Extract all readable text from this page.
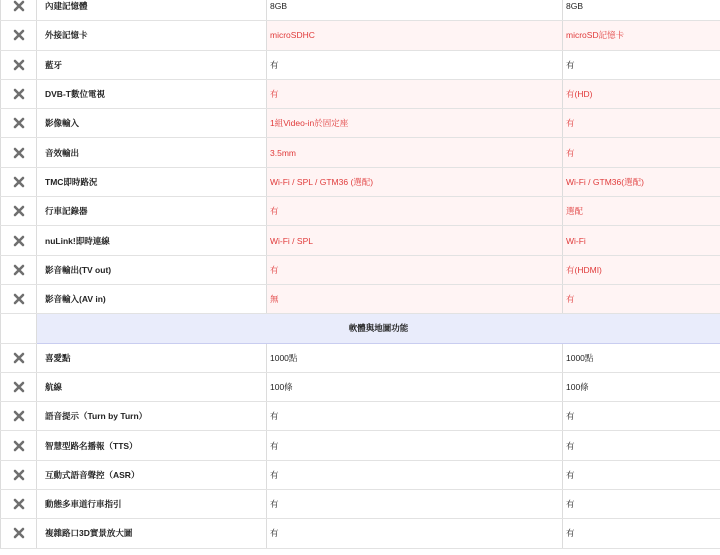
	內建記憶體	8GB	8GB

	外接記憶卡	microSDHC	microSD記憶卡

	藍牙	有	有

	DVB-T數位電視	有	有(HD)

	影像輸入	1組Video-in於固定座	有

	音效輸出	3.5mm	有

	TMC即時路況	Wi-Fi / SPL / GTM36 (選配)	Wi-Fi / GTM36(選配)

	行車記錄器	有	選配

	nuLink!即時連線	Wi-Fi / SPL	Wi-Fi

	影音輸出(TV out)	有	有(HDMI)

	影音輸入(AV in)	無	有
	軟體與地圖功能		

	喜愛點	1000點	1000點

	航線	100條	100條

	語音提示（Turn by Turn）	有	有

	智慧型路名播報（TTS）	有	有

	互動式語音聲控（ASR）	有	有

	動態多車道行車指引	有	有

	複雜路口3D實景放大圖	有	有
